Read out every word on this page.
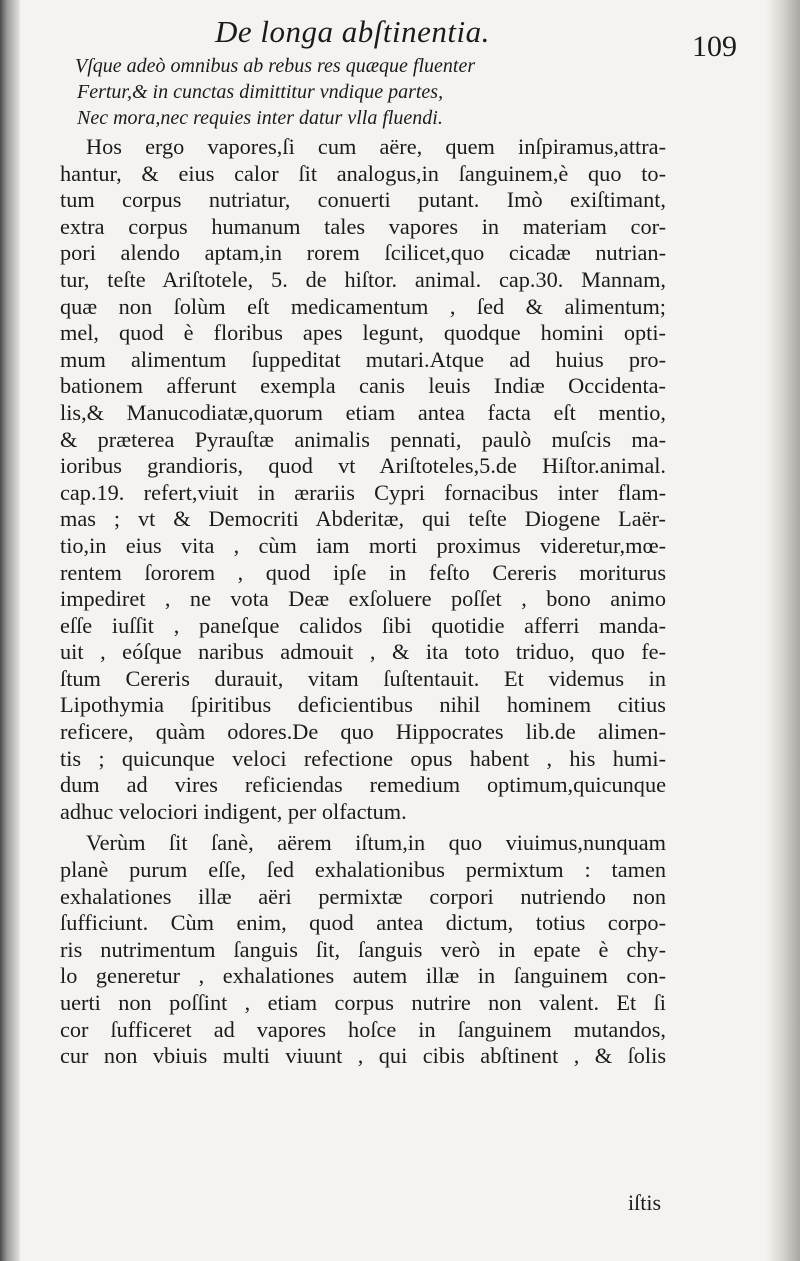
De longa abſtinentia.	109
Vſque adeò omnibus ab rebus res quæque fluenter
Fertur,& in cunctas dimittitur vndique partes,
Nec mora,nec requies inter datur vlla fluendi.
Hos ergo vapores,ſi cum aëre, quem inſpiramus,attra-
hantur, & eius calor ſit analogus,in ſanguinem,è quo to-
tum corpus nutriatur, conuerti putant. Imò exiſtimant,
extra corpus humanum tales vapores in materiam cor-
pori alendo aptam,in rorem ſcilicet,quo cicadæ nutrian-
tur, teſte Ariſtotele, 5. de hiſtor. animal. cap.30. Mannam,
quæ non ſolùm eſt medicamentum , ſed & alimentum;
mel, quod è floribus apes legunt, quodque homini opti-
mum alimentum ſuppeditat mutari.Atque ad huius pro-
bationem afferunt exempla canis leuis Indiæ Occidenta-
lis,& Manucodiatæ,quorum etiam antea facta eſt mentio,
& præterea Pyrauſtæ animalis pennati, paulò muſcis ma-
ioribus grandioris, quod vt Ariſtoteles,5.de Hiſtor.animal.
cap.19. refert,viuit in ærariis Cypri fornacibus inter flam-
mas ; vt & Democriti Abderitæ, qui teſte Diogene Laër-
tio,in eius vita , cùm iam morti proximus videretur,mœ-
rentem ſororem , quod ipſe in feſto Cereris moriturus
impediret , ne vota Deæ exſoluere poſſet , bono animo
eſſe iuſſit , paneſque calidos ſibi quotidie afferri manda-
uit , eóſque naribus admouit , & ita toto triduo, quo fe-
ſtum Cereris durauit, vitam ſuſtentauit. Et videmus in
Lipothymia ſpiritibus deficientibus nihil hominem citius
reficere, quàm odores.De quo Hippocrates lib.de alimen-
tis ; quicunque veloci refectione opus habent , his humi-
dum ad vires reficiendas remedium optimum,quicunque
adhuc velociori indigent, per olfactum.
Verùm ſit ſanè, aërem iſtum,in quo viuimus,nunquam
planè purum eſſe, ſed exhalationibus permixtum : tamen
exhalationes illæ aëri permixtæ corpori nutriendo non
ſufficiunt. Cùm enim, quod antea dictum, totius corpo-
ris nutrimentum ſanguis ſit, ſanguis verò in epate è chy-
lo generetur , exhalationes autem illæ in ſanguinem con-
uerti non poſſint , etiam corpus nutrire non valent. Et ſi
cor ſufficeret ad vapores hoſce in ſanguinem mutandos,
cur non vbiuis multi viuunt , qui cibis abſtinent , & ſolis
iſtis
